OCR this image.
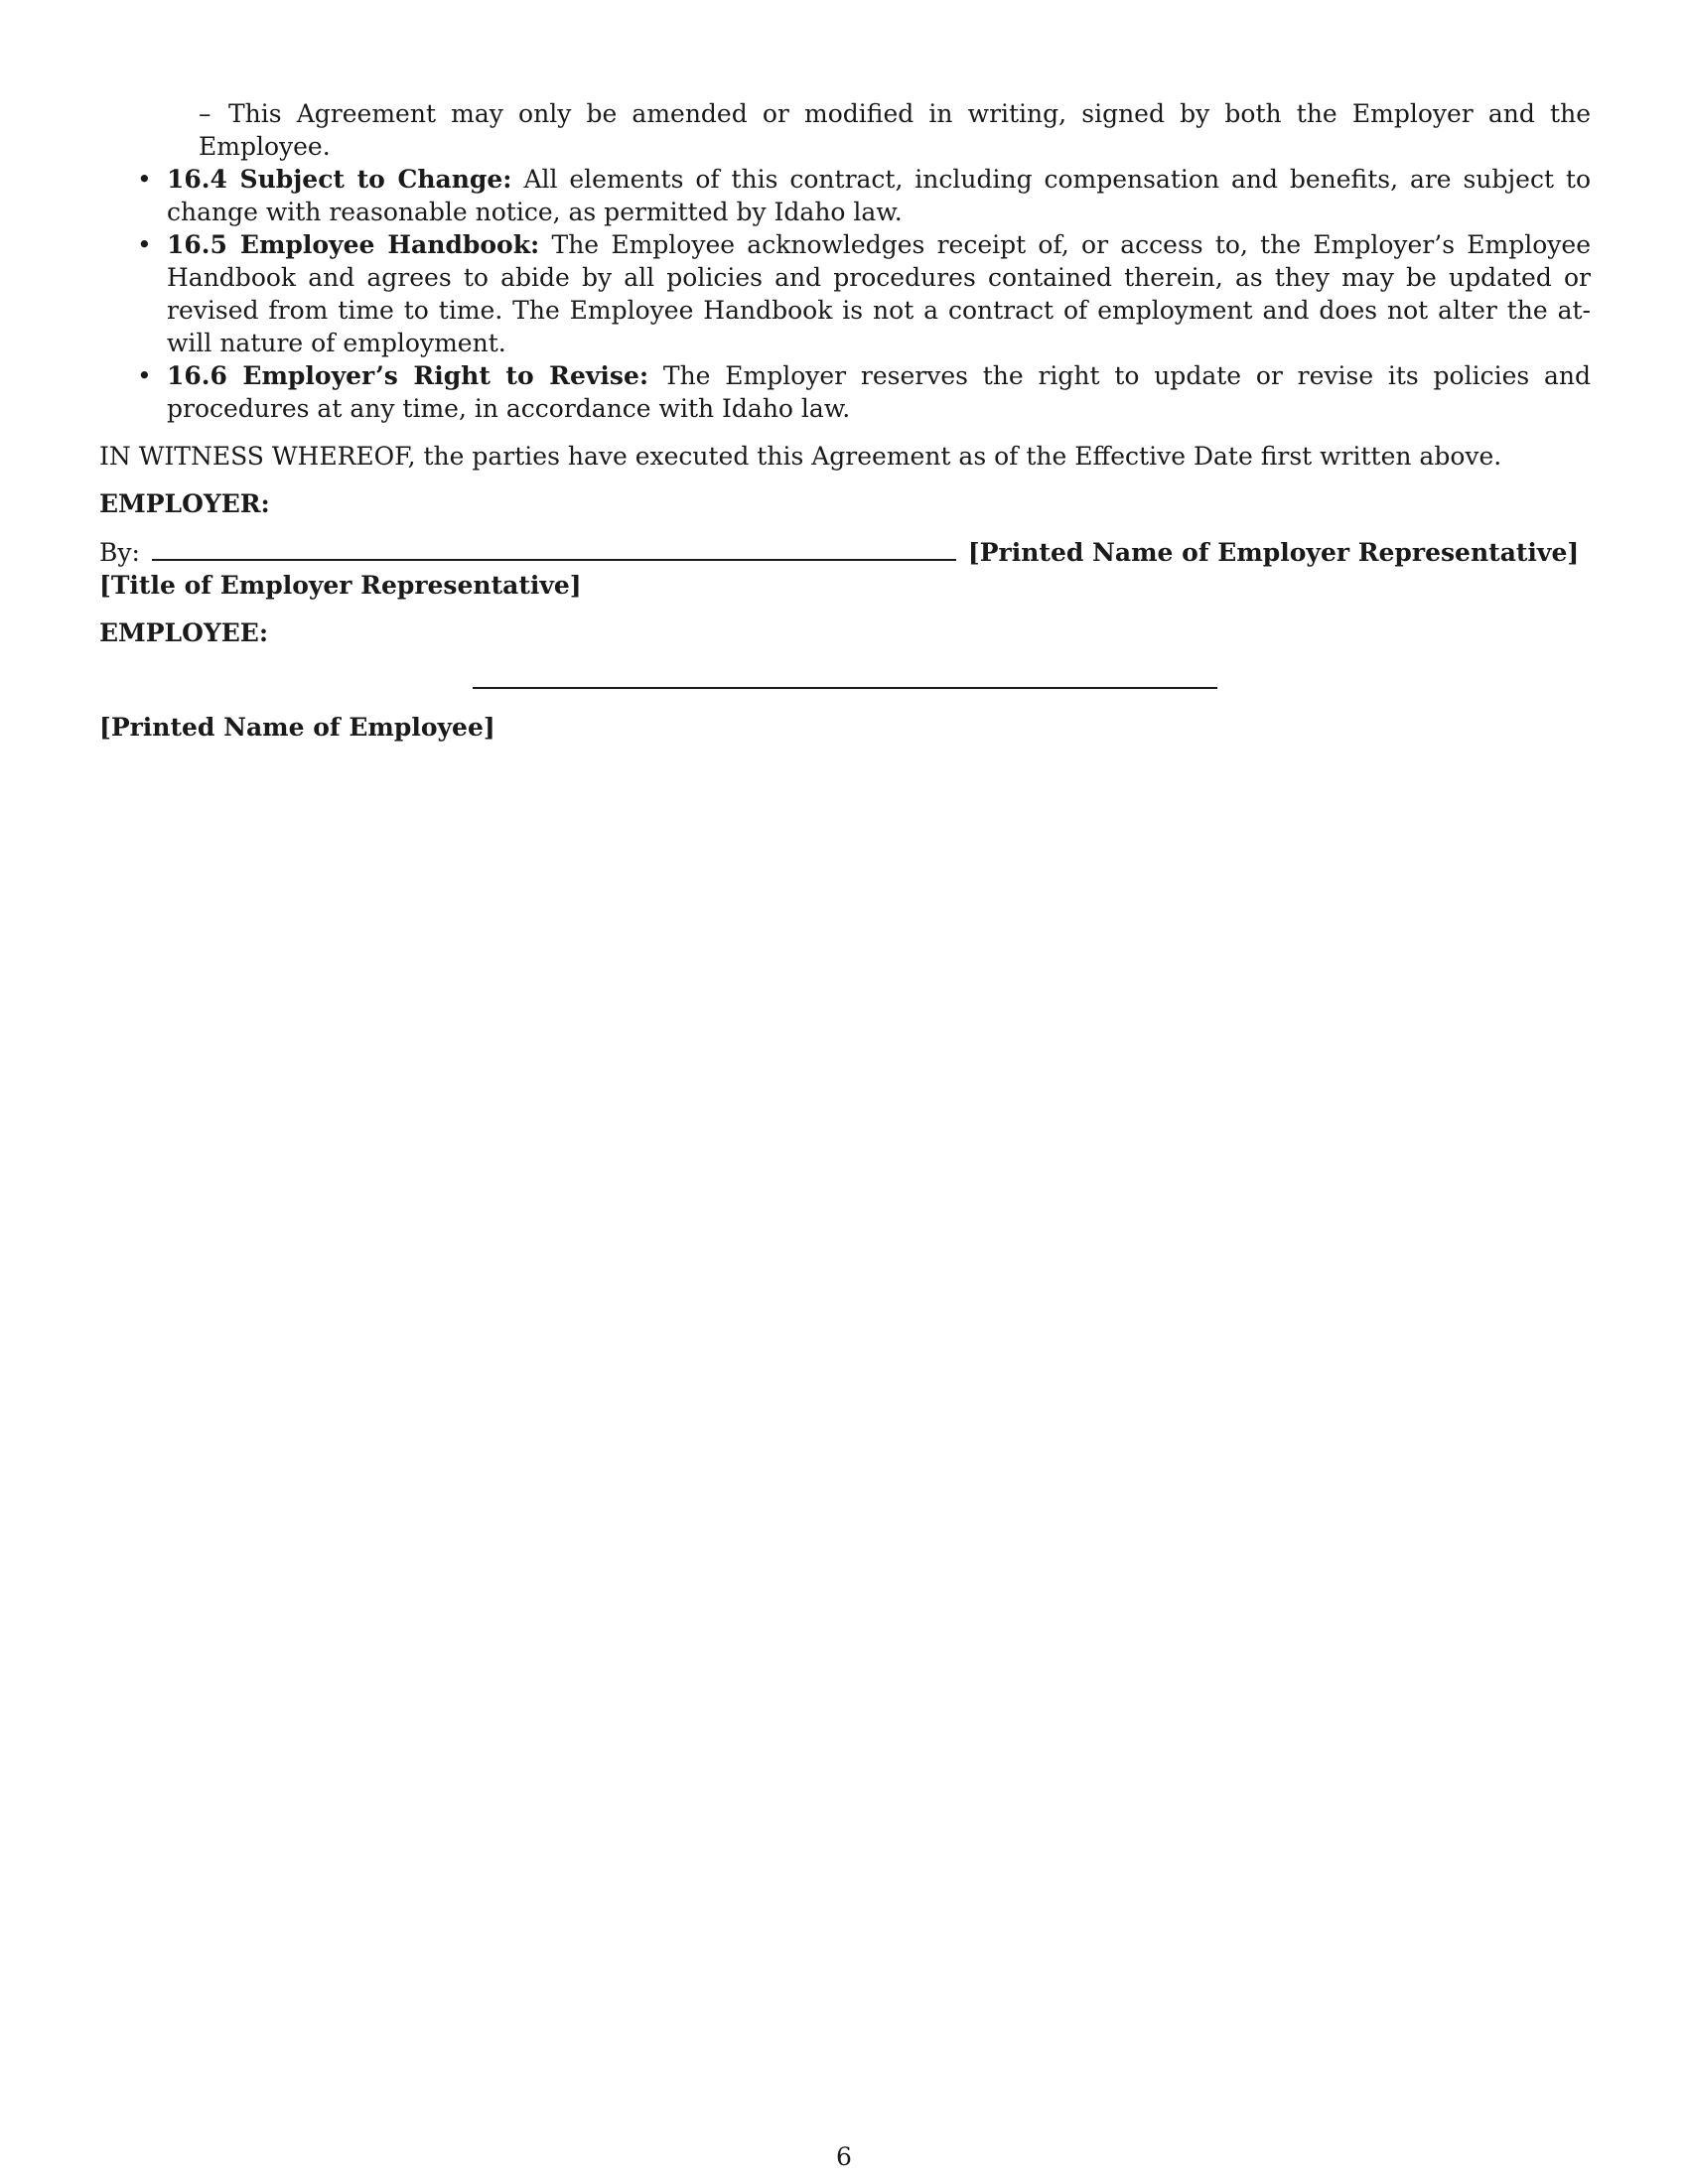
– This Agreement may only be amended or modified in writing, signed by both the Employer and the Employee.
• 16.4 Subject to Change: All elements of this contract, including compensation and benefits, are subject to change with reasonable notice, as permitted by Idaho law.
• 16.5 Employee Handbook: The Employee acknowledges receipt of, or access to, the Employer’s Employee Handbook and agrees to abide by all policies and procedures contained therein, as they may be updated or revised from time to time. The Employee Handbook is not a contract of employment and does not alter the at-will nature of employment.
• 16.6 Employer’s Right to Revise: The Employer reserves the right to update or revise its policies and procedures at any time, in accordance with Idaho law.
IN WITNESS WHEREOF, the parties have executed this Agreement as of the Effective Date first written above.
EMPLOYER:
By:	[Printed Name of Employer Representative]
[Title of Employer Representative]
EMPLOYEE:
[Printed Name of Employee]
6
